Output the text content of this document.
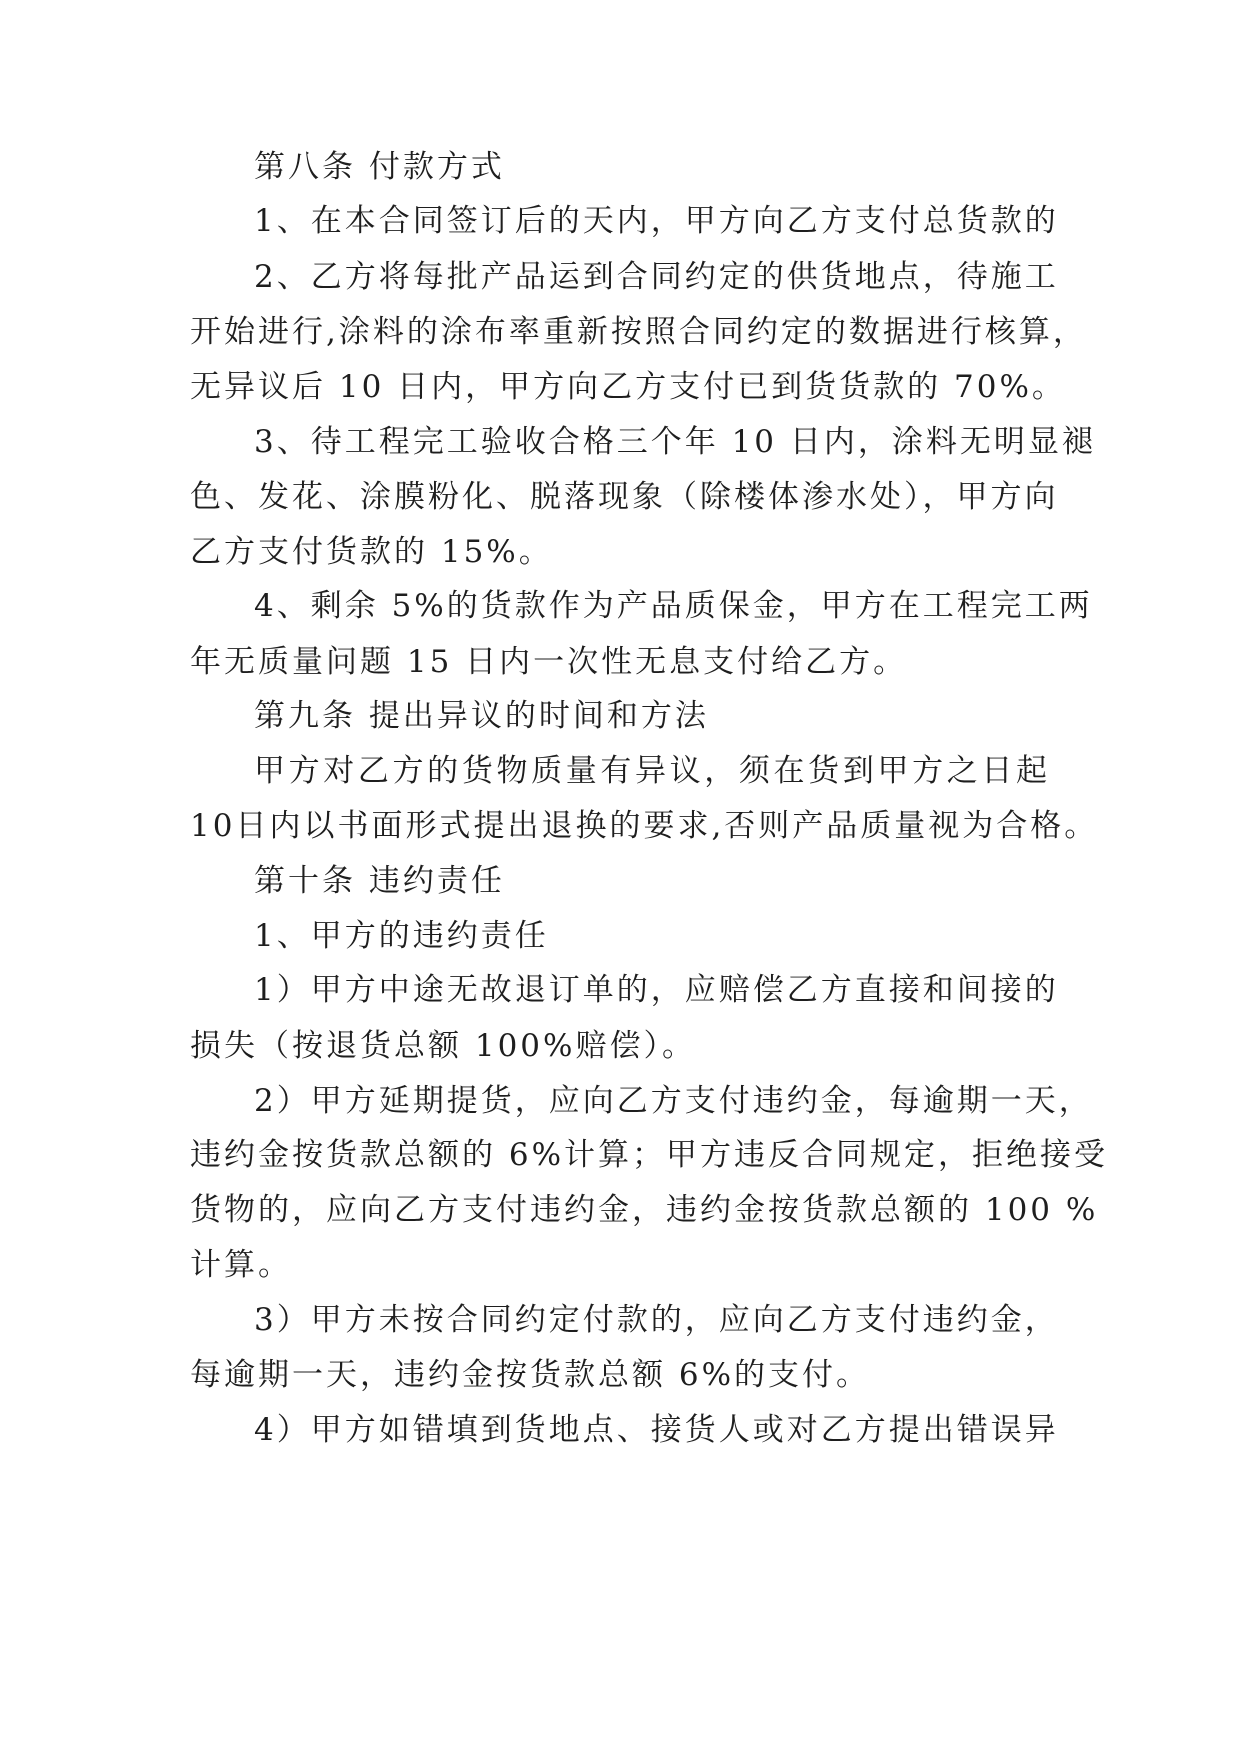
第八条 付款方式
1、在本合同签订后的天内，甲方向乙方支付总货款的
2、乙方将每批产品运到合同约定的供货地点，待施工
开始进行,涂料的涂布率重新按照合同约定的数据进行核算，
无异议后 10 日内，甲方向乙方支付已到货货款的 70%。
3、待工程完工验收合格三个年 10 日内，涂料无明显褪
色、发花、涂膜粉化、脱落现象（除楼体渗水处），甲方向
乙方支付货款的 15%。
4、剩余 5%的货款作为产品质保金，甲方在工程完工两
年无质量问题 15 日内一次性无息支付给乙方。
第九条 提出异议的时间和方法
甲方对乙方的货物质量有异议，须在货到甲方之日起
10日内以书面形式提出退换的要求,否则产品质量视为合格。
第十条 违约责任
1、甲方的违约责任
1）甲方中途无故退订单的，应赔偿乙方直接和间接的
损失（按退货总额 100%赔偿）。
2）甲方延期提货，应向乙方支付违约金，每逾期一天，
违约金按货款总额的 6%计算；甲方违反合同规定，拒绝接受
货物的，应向乙方支付违约金，违约金按货款总额的 100 %
计算。
3）甲方未按合同约定付款的，应向乙方支付违约金，
每逾期一天，违约金按货款总额 6%的支付。
4）甲方如错填到货地点、接货人或对乙方提出错误异
